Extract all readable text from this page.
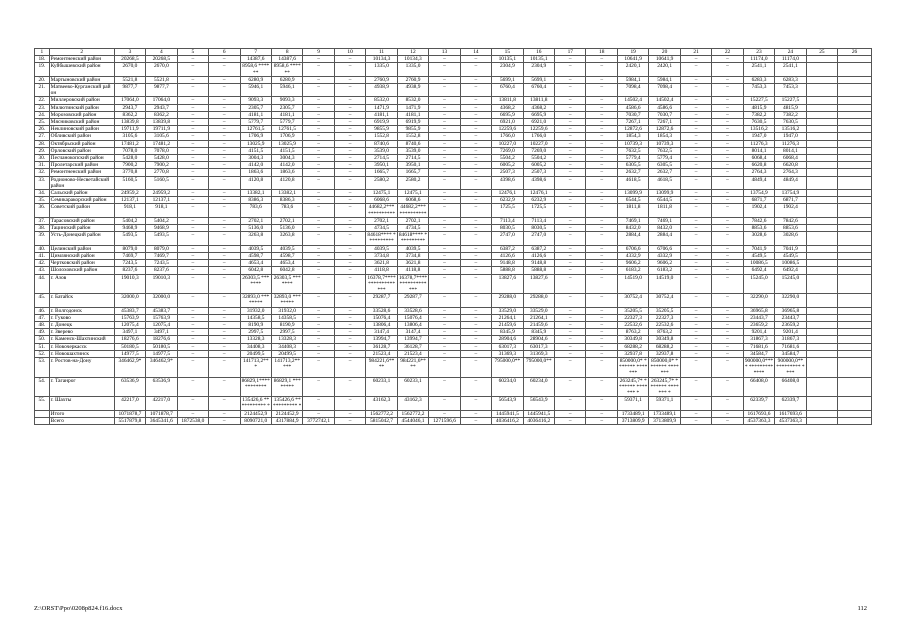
1	2	3	4	5	6	7	8	9	10	11	12	13	14	15	16	17	18	19	20	21	22	23	24	25	26
18.	Ремонтненский район	20268,5	20268,5	–	–	14387,6	14387,6	–	–	10134,3	10134,3	–	–	10135,1	10135,1	–	–	10641,9	10641,9	–	–	11174,0	11174,0		
19.	Куйбышевский район	2670,0	2670,0	–	–	8958,6 ******	8958,6 ******	–	–	1335,0	1335,0	–	–	2304,9	2304,9	–	–	2420,1	2420,1	–	–	2541,1	2541,1		
20.	Мартыновский район	5521,8	5521,8	–	–	6280,9	6280,9	–	–	2760,9	2760,9	–	–	5699,1	5699,1	–	–	5984,1	5984,1	–	–	6283,3	6283,3		
21.	Матвеево-Курганский район	9877,7	9877,7	–	–	5946,1	5946,1	–	–	4938,9	4938,9	–	–	6760,4	6760,4	–	–	7098,4	7098,4	–	–	7453,3	7453,3		
22.	Миллеровский район	17064,0	17064,0	–	–	9093,3	9093,3	–	–	8532,0	8532,0	–	–	13811,8	13811,8	–	–	14502,4	14502,4	–	–	15227,5	15227,5		
23.	Милютинский район	2943,7	2943,7	–	–	2305,7	2305,7	–	–	1471,9	1471,9	–	–	4368,2	4368,2	–	–	4586,6	4586,6	–	–	4815,9	4815,9		
24.	Морозовский район	8362,2	8362,2	–	–	4181,1	4181,1	–	–	4181,1	4181,1	–	–	6695,9	6695,9	–	–	7030,7	7030,7	–	–	7382,2	7382,2		
25.	Мясниковский район	13839,8	13839,8	–	–	5779,7	5779,7	–	–	6919,9	6919,9	–	–	6921,0	6921,0	–	–	7267,1	7267,1	–	–	7630,5	7630,5		
26.	Неклиновский район	19711,9	19711,9	–	–	12761,5	12761,5	–	–	9855,9	9855,9	–	–	12259,6	12259,6	–	–	12872,6	12872,6	–	–	13516,2	13516,2		
27.	Обливский район	3105,6	3105,6	–	–	1706,9	1706,9	–	–	1552,8	1552,8	–	–	1766,0	1766,0	–	–	1854,3	1854,3	–	–	1947,0	1947,0		
28.	Октябрьский район	17481,2	17481,2	–	–	13025,9	13025,9	–	–	8740,6	8740,6	–	–	10227,0	10227,0	–	–	10739,3	10739,3	–	–	11276,3	11276,3		
29.	Орловский район	7078,0	7078,0	–	–	4151,5	4151,5	–	–	3539,0	3539,0	–	–	7269,0	7269,0	–	–	7632,5	7632,5	–	–	8014,1	8014,1		
30.	Песчанокопский район	5428,0	5428,0	–	–	3004,3	3004,3	–	–	2714,5	2714,5	–	–	5504,2	5504,2	–	–	5779,4	5779,4	–	–	6068,4	6068,4		
31.	Пролетарский район	7900,2	7900,2	–	–	4142,0	4142,0	–	–	3950,1	3950,1	–	–	6005,2	6005,2	–	–	6305,5	6305,5	–	–	6620,8	6620,8		
32.	Ремонтненский район	3770,8	2770,8	–	–	1863,6	1863,6	–	–	1665,7	1665,7	–	–	2507,3	2507,3	–	–	2632,7	2632,7	–	–	2764,3	2764,3		
33.	Родионово-Несветайский район	5160,5	5160,5	–	–	4120,8	4120,8	–	–	2580,2	2580,2	–	–	4398,6	4398,6	–	–	4618,5	4618,5	–	–	4849,4	4849,4		
34.	Сальский район	24959,2	24959,2	–	–	13382,1	13382,1	–	–	12475,1	12475,1	–	–	12476,1	12476,1	–	–	13099,9	13099,9	–	–	13754,9	13754,9		
35.	Семикаракорский район	12137,1	12137,1	–	–	8386,3	8386,3	–	–	6068,6	6068,6	–	–	6232,9	6232,9	–	–	6544,5	6544,5	–	–	6871,7	6871,7		
36.	Советский район	918,1	918,1	–	–	783,6	783,6	–	–	44682,2*** **********	44682,2*** **********	–	–	1725,5	1725,5	–	–	1811,8	1811,8	–	–	1902,4	1902,4		
37.	Тарасовский район	5404,2	5404,2	–	–	2702,1	2702,1	–	–	2702,1	2702,1	–	–	7113,4	7113,4	–	–	7469,1	7469,1	–	–	7842,6	7842,6		
38.	Тацинский район	9468,9	9468,9	–	–	5136,0	5136,0	–	–	4734,5	4734,5	–	–	8030,5	8030,5	–	–	8432,0	8432,0	–	–	8853,6	8853,6		
39.	Усть-Донецкий район	5493,5	5493,5	–	–	3263,8	3263,8	–	–	84618**** **********	84618**** **********	–	–	2747,0	2747,0	–	–	2884,4	2884,4	–	–	3028,6	3028,6		
40.	Целинский район	8079,0	8079,0	–	–	4039,5	4039,5	–	–	4039,5	4039,5	–	–	6387,2	6387,2	–	–	6706,6	6706,6	–	–	7041,9	7041,9		
41.	Цимлянский район	7469,7	7469,7	–	–	4598,7	4598,7	–	–	3734,8	3734,8	–	–	4126,6	4126,6	–	–	4332,9	4332,9	–	–	4549,5	4549,5		
42.	Чертковский район	7243,5	7243,5	–	–	4653,4	4653,4	–	–	3621,8	3621,8	–	–	9148,8	9148,8	–	–	9606,2	9606,2	–	–	10086,5	10086,5		
43.	Шолоховский район	8237,6	8237,6	–	–	6042,8	6042,8	–	–	4118,8	4118,8	–	–	5888,8	5888,8	–	–	6183,2	6183,2	–	–	6492,4	6492,4		
44.	г. Азов	19010,3	19010,3	–	–	26303,5 *******	26303,5 *******	–	–	16378,7**** ********** ***	16378,7**** ********** ***	–	–	13827,6	13827,6	–	–	14519,0	14519,0	–	–	15245,0	15245,0		
45.	г. Батайск	32000,0	32000,0	–	–	32893,0 ********	32893,0 ********	–	–	29287,7	29287,7	–	–	29288,0	29288,0	–	–	30752,4	30752,4	–	–	32290,0	32290,0		
46.	г. Волгодонск	45383,7	45383,7	–	–	31932,0	31932,0	–	–	33528,6	33528,6	–	–	33529,0	33529,0	–	–	35205,5	35205,5	–	–	36965,8	36965,8		
47.	г. Гуково	15763,9	15763,9	–	–	14358,5	14358,5	–	–	15076,4	15076,4	–	–	21264,1	21264,1	–	–	22327,3	22327,3	–	–	23443,7	23443,7		
48.	г. Донецк	12075,4	12075,4	–	–	8190,9	8190,9	–	–	13806,4	13806,4	–	–	21459,6	21459,6	–	–	22532,6	22532,6	–	–	23659,2	23659,2		
49.	г. Зверево	3497,1	3497,1	–	–	2997,5	2997,5	–	–	3147,4	3147,4	–	–	8345,9	8345,9	–	–	8763,2	8763,2	–	–	9201,4	9201,4		
50.	г. Каменск-Шахтинский	18276,6	18276,6	–	–	13328,3	13328,3	–	–	13994,7	13994,7	–	–	28904,6	28904,6	–	–	30349,8	30349,8	–	–	31867,3	31867,3		
51.	г. Новочеркасск	50180,5	50180,5	–	–	34408,3	34408,3	–	–	36128,7	36128,7	–	–	63017,3	63017,3	–	–	68288,2	68288,2	–	–	71681,6	71681,6		
52.	г. Новошахтинск	14977,5	14977,5	–	–	20499,5	20499,5	–	–	21523,4	21523,4	–	–	31369,3	31369,3	–	–	32937,8	32937,8	–	–	34584,7	34584,7		
53.	г. Ростов-на-Дону	346462,9*	346462,9*	–	–	141713,2** *	141713,2** ***	–	–	984221,6** **	984221,6** **	–	–	795000,0**	795000,0**	–	–	850000,0* ******* *******	850000,0* ******* *******	–	–	900000,0**** ********* ****	900000,0** ********* ****		
54.	г. Таганрог	63536,9	63536,9	–	–	86829,1**** ********	86829,1 ********	–	–	60233,1	60233,1	–	–	60234,0	60234,0	–	–	263245,7* ******* ******* *	263245,7* ******* ******* *	–	–	66408,0	66408,0		
55.	г. Шахты	42217,0	42217,0	–	–	135426,6 *********** *	135426,6 *********** *	–	–	43162,3	43162,3	–	–	56543,9	56543,9	–	–	59371,1	59371,1	–	–	62339,7	62339,7		
	Итого	1071878,7	1071878,7	–	–	2124452,9	2124452,9	–	–	1562772,2	1562772,2	–	–	1445941,5	1445941,5	–	–	1733489,1	1733489,1	–	–	1617693,6	1617693,6		
	Всего	5517879,8	3645341,6	1872538,0	–	8090721,0	4317884,9	3772742,1	–	5815042,7	4544046,1	1271596,6	–	4036416,2	4036416,2	–	–	3713809,9	3713809,9	–	–	4537363,3	4537363,3		
Z:\ORST\Ppo\0208p824.f16.docx	112
